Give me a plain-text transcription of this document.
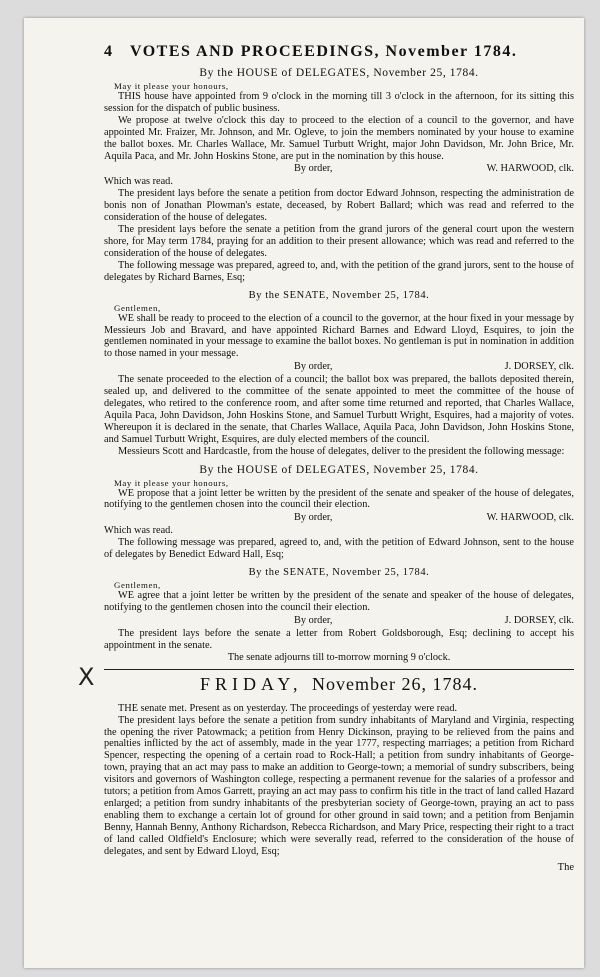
X
4	VOTES AND PROCEEDINGS, November 1784.
By the HOUSE of DELEGATES, November 25, 1784.
May it please your honours,

THIS house have appointed from 9 o'clock in the morning till 3 o'clock in the afternoon, for its sitting this session for the dispatch of public business.

We propose at twelve o'clock this day to proceed to the election of a council to the governor, and have appointed Mr. Fraizer, Mr. Johnson, and Mr. Ogleve, to join the members nominated by your house to examine the ballot boxes. Mr. Charles Wallace, Mr. Samuel Turbutt Wright, major John Davidson, Mr. John Brice, Mr. Aquila Paca, and Mr. John Hoskins Stone, are put in the nomination by this house.

By order,	W. HARWOOD, clk.

Which was read.

The president lays before the senate a petition from doctor Edward Johnson, respecting the administration de bonis non of Jonathan Plowman's estate, deceased, by Robert Ballard; which was read and referred to the consideration of the house of delegates.

The president lays before the senate a petition from the grand jurors of the general court upon the western shore, for May term 1784, praying for an addition to their present allowance; which was read and referred to the consideration of the house of delegates.

The following message was prepared, agreed to, and, with the petition of the grand jurors, sent to the house of delegates by Richard Barnes, Esq;

By the SENATE, November 25, 1784.
Gentlemen,

WE shall be ready to proceed to the election of a council to the governor, at the hour fixed in your message by Messieurs Job and Bravard, and have appointed Richard Barnes and Edward Lloyd, Esquires, to join the gentlemen nominated in your message to examine the ballot boxes. No gentleman is put in nomination in addition to those named in your message.

By order,	J. DORSEY, clk.

The senate proceeded to the election of a council; the ballot box was prepared, the ballots deposited therein, sealed up, and delivered to the committee of the senate appointed to meet the committee of the house of delegates, who retired to the conference room, and after some time returned and reported, that Charles Wallace, Aquila Paca, John Davidson, John Hoskins Stone, and Samuel Turbutt Wright, Esquires, had a majority of votes. Whereupon it is declared in the senate, that Charles Wallace, Aquila Paca, John Davidson, John Hoskins Stone, and Samuel Turbutt Wright, Esquires, are duly elected members of the council.

Messieurs Scott and Hardcastle, from the house of delegates, deliver to the president the following message:

By the HOUSE of DELEGATES, November 25, 1784.
May it please your honours,

WE propose that a joint letter be written by the president of the senate and speaker of the house of delegates, notifying to the gentlemen chosen into the council their election.

By order,	W. HARWOOD, clk.

Which was read.

The following message was prepared, agreed to, and, with the petition of Edward Johnson, sent to the house of delegates by Benedict Edward Hall, Esq;

By the SENATE, November 25, 1784.
Gentlemen,

WE agree that a joint letter be written by the president of the senate and speaker of the house of delegates, notifying to the gentlemen chosen into the council their election.

By order,	J. DORSEY, clk.

The president lays before the senate a letter from Robert Goldsborough, Esq; declining to accept his appointment in the senate.

The senate adjourns till to-morrow morning 9 o'clock.
FRIDAY, November 26, 1784.

THE senate met. Present as on yesterday. The proceedings of yesterday were read.

The president lays before the senate a petition from sundry inhabitants of Maryland and Virginia, respecting the opening the river Patowmack; a petition from Henry Dickinson, praying to be relieved from the pains and penalties inflicted by the act of assembly, made in the year 1777, respecting marriages; a petition from Richard Spencer, respecting the opening of a certain road to Rock-Hall; a petition from sundry inhabitants of George-town, praying that an act may pass to make an addition to George-town; a memorial of sundry subscribers, being visitors and governors of Washington college, respecting a permanent revenue for the salaries of a professor and tutors; a petition from Amos Garrett, praying an act may pass to confirm his title in the tract of land called Hazard enlarged; a petition from sundry inhabitants of the presbyterian society of George-town, praying an act to pass enabling them to exchange a certain lot of ground for other ground in said town; and a petition from Benjamin Benny, Hannah Benny, Anthony Richardson, Rebecca Richardson, and Mary Price, respecting their right to a tract of land called Oldfield's Enclosure; which were severally read, referred to the consideration of the house of delegates, and sent by Edward Lloyd, Esq;

The
